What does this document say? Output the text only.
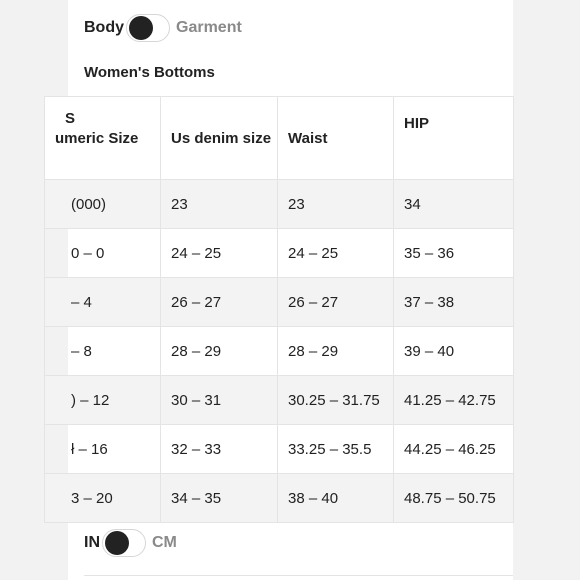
Body	Garment
Women's Bottoms
S
umeric Size	Us denim size	Waist	HIP
(000)	23	23	34
0 – 0	24 – 25	24 – 25	35 – 36
– 4	26 – 27	26 – 27	37 – 38
– 8	28 – 29	28 – 29	39 – 40
) – 12	30 – 31	30.25 – 31.75	41.25 – 42.75
ł – 16	32 – 33	33.25 – 35.5	44.25 – 46.25
3 – 20	34 – 35	38 – 40	48.75 – 50.75
IN	CM
